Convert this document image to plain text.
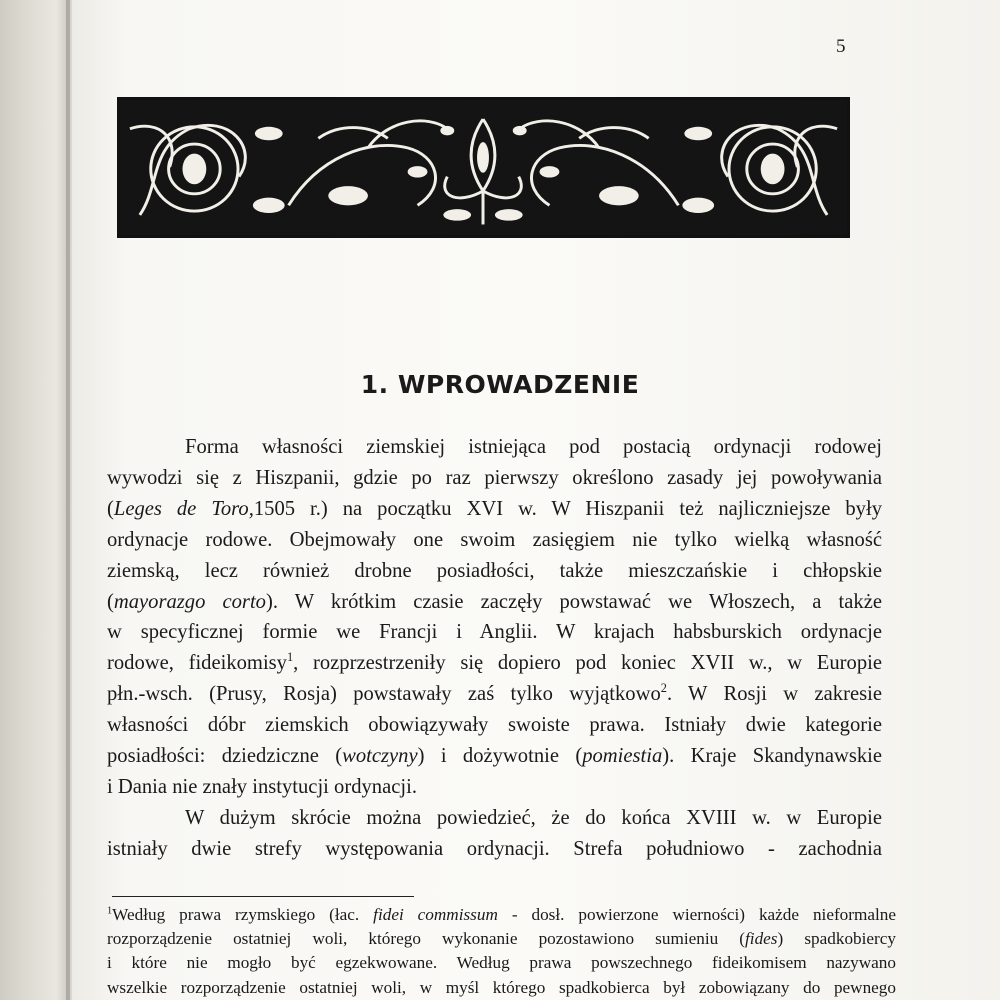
5
1. WPROWADZENIE
Forma własności ziemskiej istniejąca pod postacią ordynacji rodowej
wywodzi się z Hiszpanii, gdzie po raz pierwszy określono zasady jej powoływania
(Leges de Toro,1505 r.) na początku XVI w. W Hiszpanii też najliczniejsze były
ordynacje rodowe. Obejmowały one swoim zasięgiem nie tylko wielką własność
ziemską, lecz również drobne posiadłości, także mieszczańskie i chłopskie
(mayorazgo corto). W krótkim czasie zaczęły powstawać we Włoszech, a także
w specyficznej formie we Francji i Anglii. W krajach habsburskich ordynacje
rodowe, fideikomisy$^1$, rozprzestrzeniły się dopiero pod koniec XVII w., w Europie
płn.-wsch. (Prusy, Rosja) powstawały zaś tylko wyjątkowo$^2$. W Rosji w zakresie
własności dóbr ziemskich obowiązywały swoiste prawa. Istniały dwie kategorie
posiadłości: dziedziczne (wotczyny) i dożywotnie (pomiestia). Kraje Skandynawskie
i Dania nie znały instytucji ordynacji.
W dużym skrócie można powiedzieć, że do końca XVIII w. w Europie
istniały dwie strefy występowania ordynacji. Strefa południowo - zachodnia
$^1$Według prawa rzymskiego (łac. fidei commissum - dosł. powierzone wierności) każde nieformalne
rozporządzenie ostatniej woli, którego wykonanie pozostawiono sumieniu (fides) spadkobiercy
i które nie mogło być egzekwowane. Według prawa powszechnego fideikomisem nazywano
wszelkie rozporządzenie ostatniej woli, w myśl którego spadkobierca był zobowiązany do pewnego
